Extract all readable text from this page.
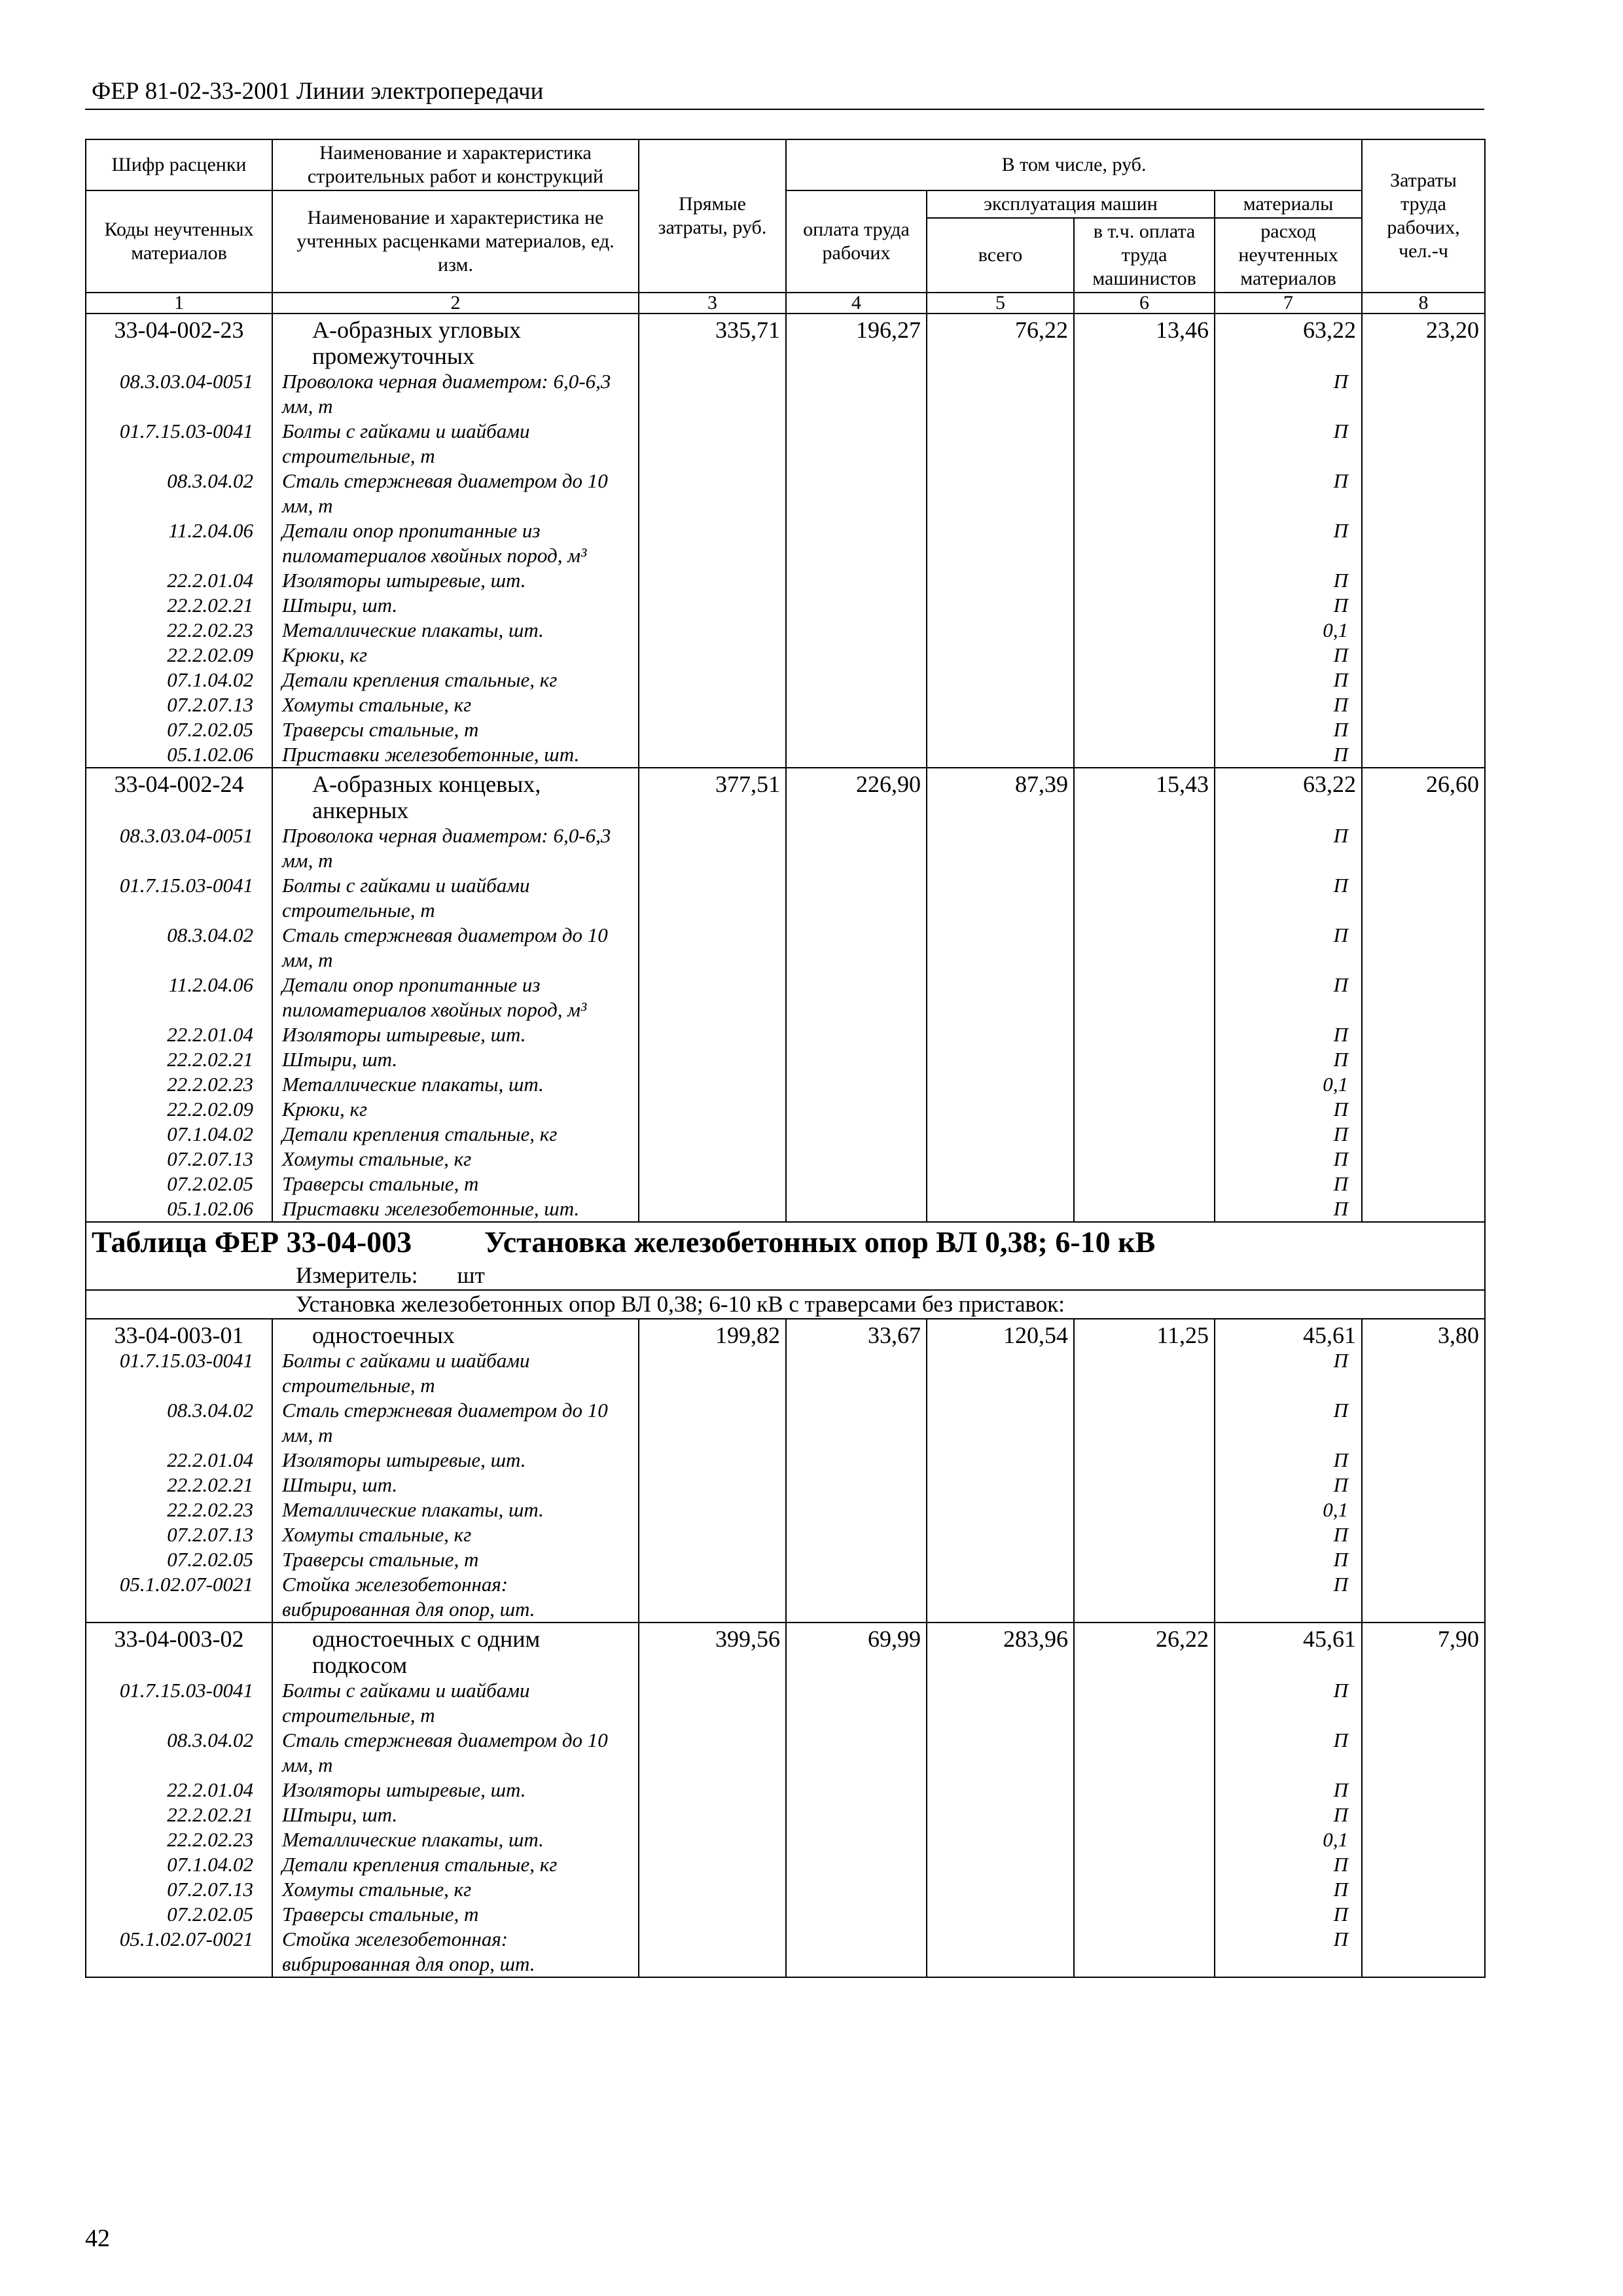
ФЕР 81-02-33-2001 Линии электропередачи
Шифр расценки	Наименование и характеристика строительных работ и конструкций	Прямые затраты, руб.	В том числе, руб.				Затраты труда рабочих, чел.-ч
Коды неучтенных материалов	Наименование и характеристика не учтенных расценками материалов, ед. изм.		оплата труда рабочих	эксплуатация машин		материалы	
				всего	в т.ч. оплата труда машинистов	расход неучтенных материалов	
1	2	3	4	5	6	7	8
33-04-002-23	А-образных угловых промежуточных	335,71	196,27	76,22	13,46	63,22	23,20
08.3.03.04-0051	Проволока черная диаметром: 6,0-6,3 мм, т					П	
01.7.15.03-0041	Болты с гайками и шайбами строительные, т					П	
08.3.04.02	Сталь стержневая диаметром до 10 мм, т					П	
11.2.04.06	Детали опор пропитанные из пиломатериалов хвойных пород, м³					П	
22.2.01.04	Изоляторы штыревые, шт.					П	
22.2.02.21	Штыри, шт.					П	
22.2.02.23	Металлические плакаты, шт.					0,1	
22.2.02.09	Крюки, кг					П	
07.1.04.02	Детали крепления стальные, кг					П	
07.2.07.13	Хомуты стальные, кг					П	
07.2.02.05	Траверсы стальные, т					П	
05.1.02.06	Приставки железобетонные, шт.					П	
33-04-002-24	А-образных концевых, анкерных	377,51	226,90	87,39	15,43	63,22	26,60
08.3.03.04-0051	Проволока черная диаметром: 6,0-6,3 мм, т					П	
01.7.15.03-0041	Болты с гайками и шайбами строительные, т					П	
08.3.04.02	Сталь стержневая диаметром до 10 мм, т					П	
11.2.04.06	Детали опор пропитанные из пиломатериалов хвойных пород, м³					П	
22.2.01.04	Изоляторы штыревые, шт.					П	
22.2.02.21	Штыри, шт.					П	
22.2.02.23	Металлические плакаты, шт.					0,1	
22.2.02.09	Крюки, кг					П	
07.1.04.02	Детали крепления стальные, кг					П	
07.2.07.13	Хомуты стальные, кг					П	
07.2.02.05	Траверсы стальные, т					П	
05.1.02.06	Приставки железобетонные, шт.					П	
Таблица ФЕР 33-04-003 Установка железобетонных опор ВЛ 0,38; 6-10 кВ							
Измеритель: шт							
Установка железобетонных опор ВЛ 0,38; 6-10 кВ с траверсами без приставок:							
33-04-003-01	одностоечных	199,82	33,67	120,54	11,25	45,61	3,80
01.7.15.03-0041	Болты с гайками и шайбами строительные, т					П	
08.3.04.02	Сталь стержневая диаметром до 10 мм, т					П	
22.2.01.04	Изоляторы штыревые, шт.					П	
22.2.02.21	Штыри, шт.					П	
22.2.02.23	Металлические плакаты, шт.					0,1	
07.2.07.13	Хомуты стальные, кг					П	
07.2.02.05	Траверсы стальные, т					П	
05.1.02.07-0021	Стойка железобетонная: вибрированная для опор, шт.					П	
33-04-003-02	одностоечных с одним подкосом	399,56	69,99	283,96	26,22	45,61	7,90
01.7.15.03-0041	Болты с гайками и шайбами строительные, т					П	
08.3.04.02	Сталь стержневая диаметром до 10 мм, т					П	
22.2.01.04	Изоляторы штыревые, шт.					П	
22.2.02.21	Штыри, шт.					П	
22.2.02.23	Металлические плакаты, шт.					0,1	
07.1.04.02	Детали крепления стальные, кг					П	
07.2.07.13	Хомуты стальные, кг					П	
07.2.02.05	Траверсы стальные, т					П	
05.1.02.07-0021	Стойка железобетонная: вибрированная для опор, шт.					П	
42
